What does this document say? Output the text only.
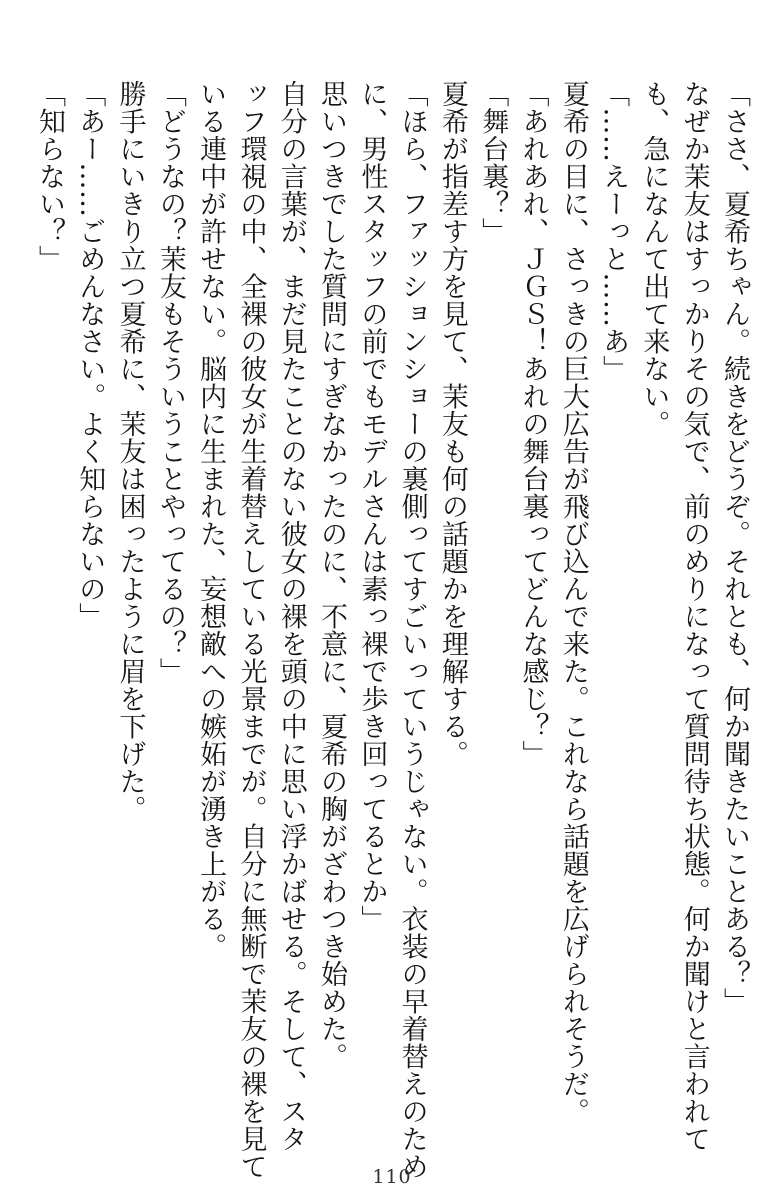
「ささ、夏希ちゃん。続きをどうぞ。それとも、何か聞きたいことある？」
なぜか茉友はすっかりその気で、前のめりになって質問待ち状態。何か聞けと言われて
も、急になんて出て来ない。
「……えーっと……あ」
夏希の目に、さっきの巨大広告が飛び込んで来た。これなら話題を広げられそうだ。
「あれあれ、ＪＧＳ！あれの舞台裏ってどんな感じ？」
「舞台裏？」
夏希が指差す方を見て、茉友も何の話題かを理解する。
「ほら、ファッションショーの裏側ってすごいっていうじゃない。衣装の早着替えのため
に、男性スタッフの前でもモデルさんは素っ裸で歩き回ってるとか」
思いつきでした質問にすぎなかったのに、不意に、夏希の胸がざわつき始めた。
自分の言葉が、まだ見たことのない彼女の裸を頭の中に思い浮かばせる。そして、スタ
ッフ環視の中、全裸の彼女が生着替えしている光景までが。自分に無断で茉友の裸を見て
いる連中が許せない。脳内に生まれた、妄想敵への嫉妬が湧き上がる。
「どうなの？茉友もそういうことやってるの？」
勝手にいきり立つ夏希に、茉友は困ったように眉を下げた。
「あー……ごめんなさい。よく知らないの」
「知らない？」
110
